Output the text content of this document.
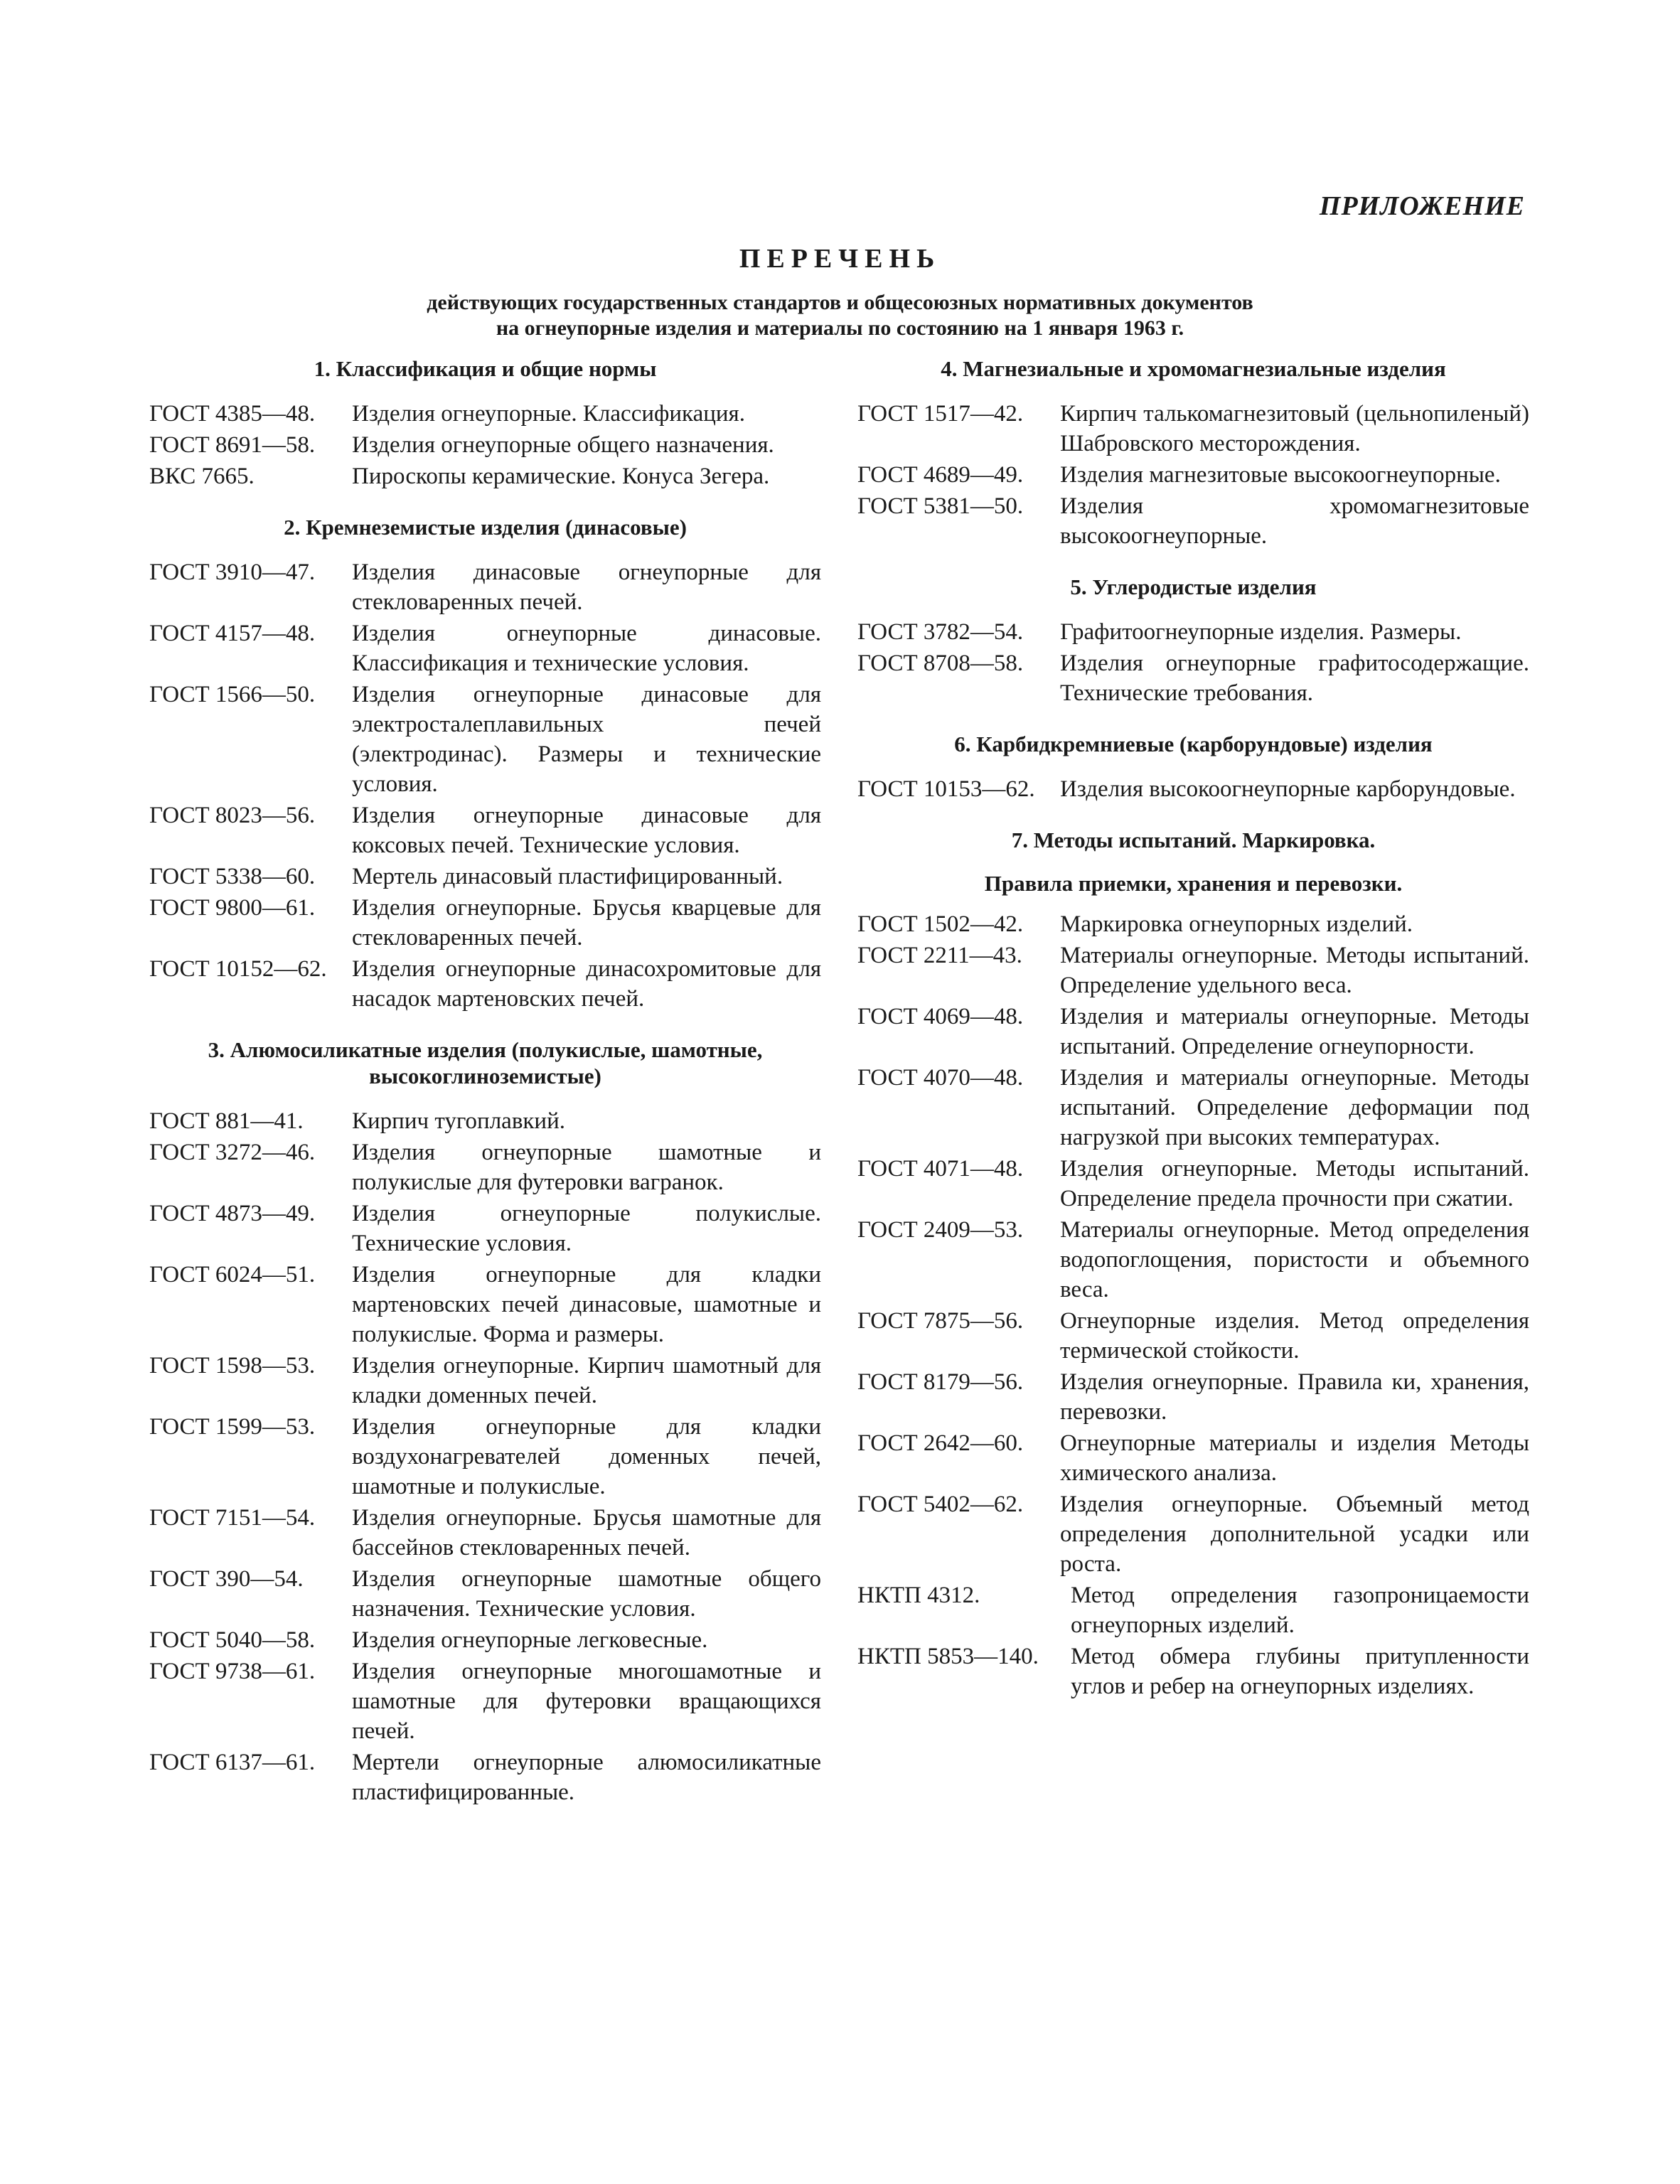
ПРИЛОЖЕНИЕ
ПЕРЕЧЕНЬ
действующих государственных стандартов и общесоюзных нормативных документов
на огнеупорные изделия и материалы по состоянию на 1 января 1963 г.
1. Классификация и общие нормы
ГОСТ 4385—48.	Изделия огнеупорные. Классификация.
ГОСТ 8691—58.	Изделия огнеупорные общего назначения.
ВКС 7665.	Пироскопы керамические. Конуса Зегера.
2. Кремнеземистые изделия (динасовые)
ГОСТ 3910—47.	Изделия динасовые огнеупорные для стекловаренных печей.
ГОСТ 4157—48.	Изделия огнеупорные динасовые. Классификация и технические условия.
ГОСТ 1566—50.	Изделия огнеупорные динасовые для электросталеплавильных печей (электродинас). Размеры и технические условия.
ГОСТ 8023—56.	Изделия огнеупорные динасовые для коксовых печей. Технические условия.
ГОСТ 5338—60.	Мертель динасовый пластифицированный.
ГОСТ 9800—61.	Изделия огнеупорные. Брусья кварцевые для стекловаренных печей.
ГОСТ 10152—62.	Изделия огнеупорные динасохромитовые для насадок мартеновских печей.
3. Алюмосиликатные изделия (полукислые, шамотные, высокоглиноземистые)
ГОСТ 881—41.	Кирпич тугоплавкий.
ГОСТ 3272—46.	Изделия огнеупорные шамотные и полукислые для футеровки вагранок.
ГОСТ 4873—49.	Изделия огнеупорные полукислые. Технические условия.
ГОСТ 6024—51.	Изделия огнеупорные для кладки мартеновских печей динасовые, шамотные и полукислые. Форма и размеры.
ГОСТ 1598—53.	Изделия огнеупорные. Кирпич шамотный для кладки доменных печей.
ГОСТ 1599—53.	Изделия огнеупорные для кладки воздухонагревателей доменных печей, шамотные и полукислые.
ГОСТ 7151—54.	Изделия огнеупорные. Брусья шамотные для бассейнов стекловаренных печей.
ГОСТ 390—54.	Изделия огнеупорные шамотные общего назначения. Технические условия.
ГОСТ 5040—58.	Изделия огнеупорные легковесные.
ГОСТ 9738—61.	Изделия огнеупорные многошамотные и шамотные для футеровки вращающихся печей.
ГОСТ 6137—61.	Мертели огнеупорные алюмосиликатные пластифицированные.
4. Магнезиальные и хромомагнезиальные изделия
ГОСТ 1517—42.	Кирпич талькомагнезитовый (цельнопиленый) Шабровского месторождения.
ГОСТ 4689—49.	Изделия магнезитовые высокоогнеупорные.
ГОСТ 5381—50.	Изделия хромомагнезитовые высокоогнеупорные.
5. Углеродистые изделия
ГОСТ 3782—54.	Графитоогнеупорные изделия. Размеры.
ГОСТ 8708—58.	Изделия огнеупорные графитосодержащие. Технические требования.
6. Карбидкремниевые (карборундовые) изделия
ГОСТ 10153—62.	Изделия высокоогнеупорные карборундовые.
7. Методы испытаний. Маркировка.
Правила приемки, хранения и перевозки.
ГОСТ 1502—42.	Маркировка огнеупорных изделий.
ГОСТ 2211—43.	Материалы огнеупорные. Методы испытаний. Определение удельного веса.
ГОСТ 4069—48.	Изделия и материалы огнеупорные. Методы испытаний. Определение огнеупорности.
ГОСТ 4070—48.	Изделия и материалы огнеупорные. Методы испытаний. Определение деформации под нагрузкой при высоких температурах.
ГОСТ 4071—48.	Изделия огнеупорные. Методы испытаний. Определение предела прочности при сжатии.
ГОСТ 2409—53.	Материалы огнеупорные. Метод определения водопоглощения, пористости и объемного веса.
ГОСТ 7875—56.	Огнеупорные изделия. Метод определения термической стойкости.
ГОСТ 8179—56.	Изделия огнеупорные. Правила ки, хранения, перевозки.
ГОСТ 2642—60.	Огнеупорные материалы и изделия Методы химического анализа.
ГОСТ 5402—62.	Изделия огнеупорные. Объемный метод определения дополнительной усадки или роста.
НКТП 4312.	Метод определения газопроницаемости огнеупорных изделий.
НКТП 5853—140.	Метод обмера глубины притупленности углов и ребер на огнеупорных изделиях.
